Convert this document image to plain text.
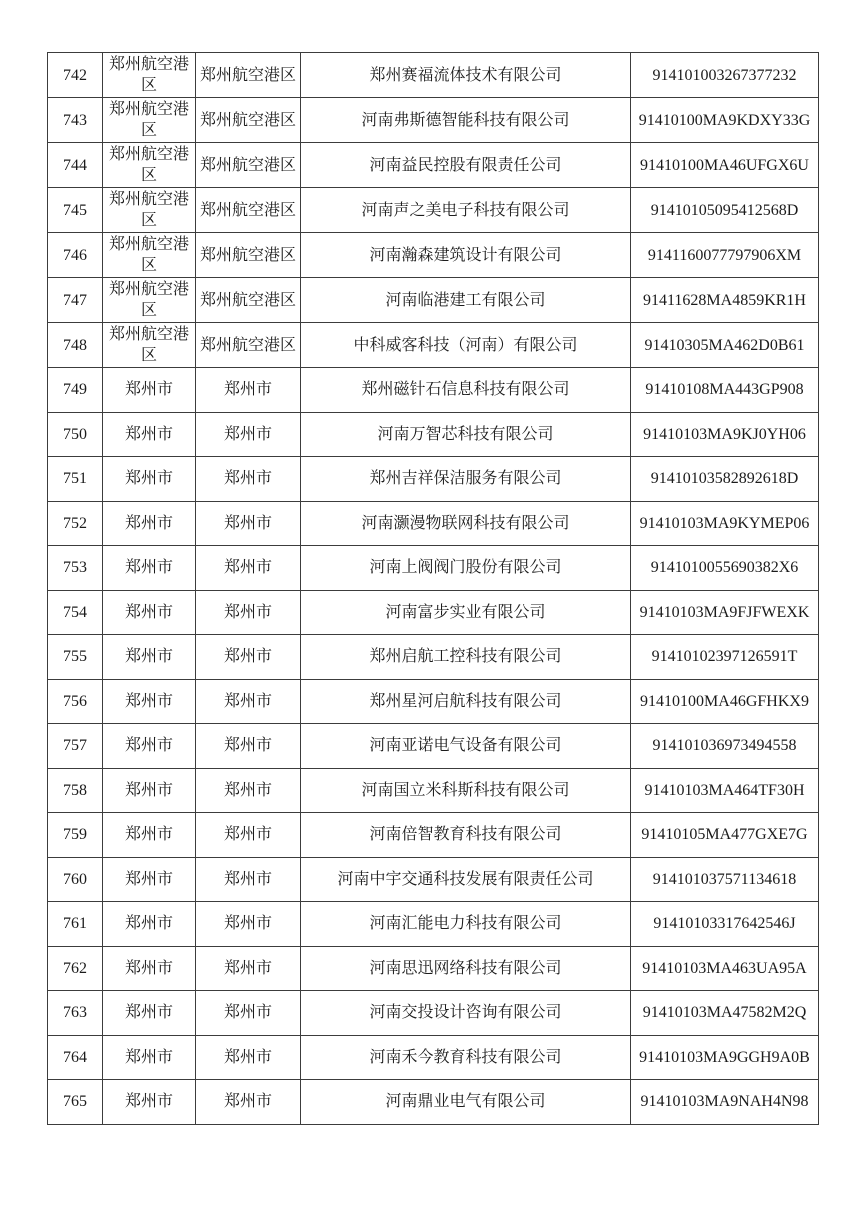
742	郑州航空港区	郑州航空港区	郑州赛福流体技术有限公司	914101003267377232
743	郑州航空港区	郑州航空港区	河南弗斯德智能科技有限公司	91410100MA9KDXY33G
744	郑州航空港区	郑州航空港区	河南益民控股有限责任公司	91410100MA46UFGX6U
745	郑州航空港区	郑州航空港区	河南声之美电子科技有限公司	91410105095412568D
746	郑州航空港区	郑州航空港区	河南瀚森建筑设计有限公司	9141160077797906XM
747	郑州航空港区	郑州航空港区	河南临港建工有限公司	91411628MA4859KR1H
748	郑州航空港区	郑州航空港区	中科威客科技（河南）有限公司	91410305MA462D0B61
749	郑州市	郑州市	郑州磁针石信息科技有限公司	91410108MA443GP908
750	郑州市	郑州市	河南万智芯科技有限公司	91410103MA9KJ0YH06
751	郑州市	郑州市	郑州吉祥保洁服务有限公司	91410103582892618D
752	郑州市	郑州市	河南灏漫物联网科技有限公司	91410103MA9KYMEP06
753	郑州市	郑州市	河南上阀阀门股份有限公司	9141010055690382X6
754	郑州市	郑州市	河南富步实业有限公司	91410103MA9FJFWEXK
755	郑州市	郑州市	郑州启航工控科技有限公司	91410102397126591T
756	郑州市	郑州市	郑州星河启航科技有限公司	91410100MA46GFHKX9
757	郑州市	郑州市	河南亚诺电气设备有限公司	914101036973494558
758	郑州市	郑州市	河南国立米科斯科技有限公司	91410103MA464TF30H
759	郑州市	郑州市	河南倍智教育科技有限公司	91410105MA477GXE7G
760	郑州市	郑州市	河南中宇交通科技发展有限责任公司	914101037571134618
761	郑州市	郑州市	河南汇能电力科技有限公司	91410103317642546J
762	郑州市	郑州市	河南思迅网络科技有限公司	91410103MA463UA95A
763	郑州市	郑州市	河南交投设计咨询有限公司	91410103MA47582M2Q
764	郑州市	郑州市	河南禾今教育科技有限公司	91410103MA9GGH9A0B
765	郑州市	郑州市	河南鼎业电气有限公司	91410103MA9NAH4N98
